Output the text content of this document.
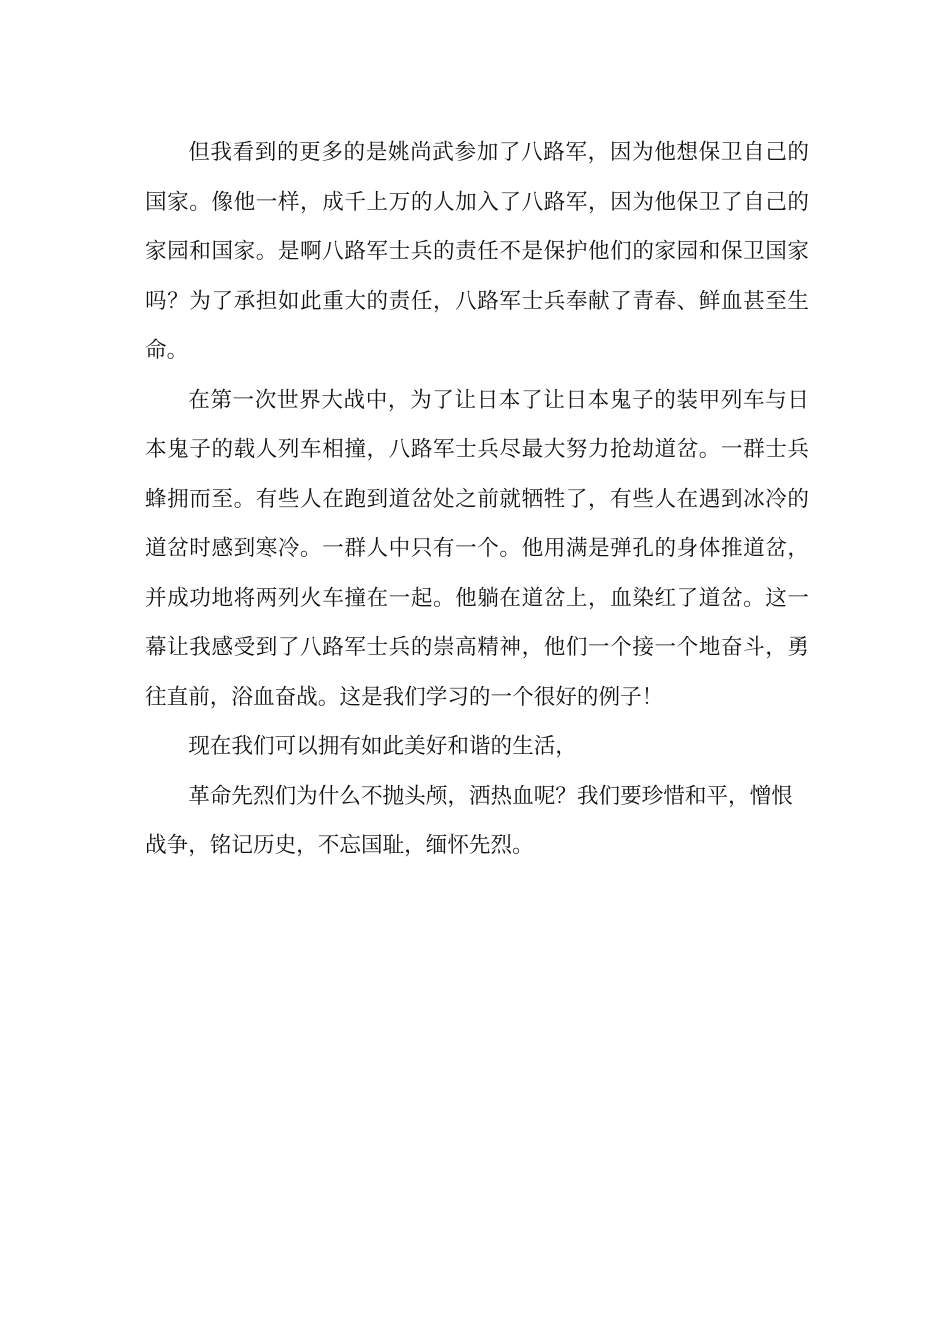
但我看到的更多的是姚尚武参加了八路军，因为他想保卫自己的国家。像他一样，成千上万的人加入了八路军，因为他保卫了自己的家园和国家。是啊八路军士兵的责任不是保护他们的家园和保卫国家吗？为了承担如此重大的责任，八路军士兵奉献了青春、鲜血甚至生命。

在第一次世界大战中，为了让日本了让日本鬼子的装甲列车与日本鬼子的载人列车相撞，八路军士兵尽最大努力抢劫道岔。一群士兵蜂拥而至。有些人在跑到道岔处之前就牺牲了，有些人在遇到冰冷的道岔时感到寒冷。一群人中只有一个。他用满是弹孔的身体推道岔，并成功地将两列火车撞在一起。他躺在道岔上，血染红了道岔。这一幕让我感受到了八路军士兵的崇高精神，他们一个接一个地奋斗，勇往直前，浴血奋战。这是我们学习的一个很好的例子！

现在我们可以拥有如此美好和谐的生活，

革命先烈们为什么不抛头颅，洒热血呢？我们要珍惜和平，憎恨战争，铭记历史，不忘国耻，缅怀先烈。
